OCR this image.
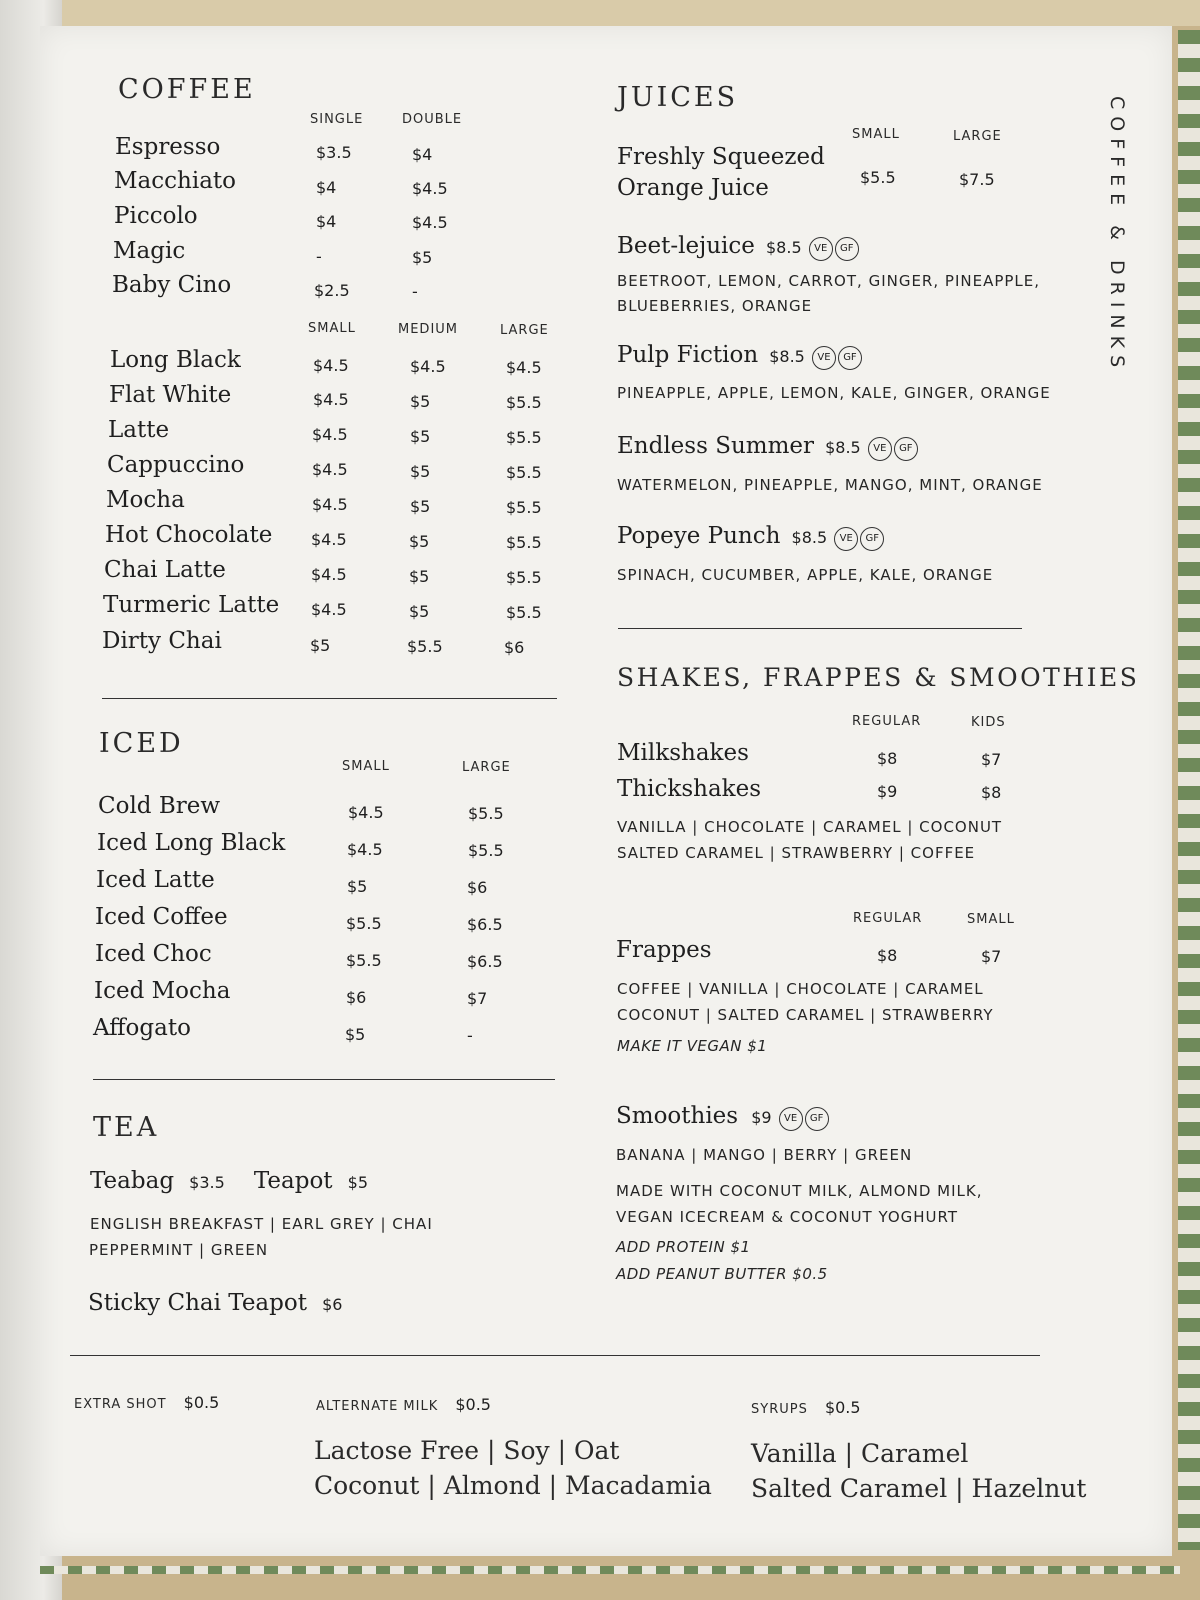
COFFEE & DRINKS
COFFEE
SINGLE	DOUBLE
Espresso	$3.5	$4
Macchiato	$4	$4.5
Piccolo	$4	$4.5
Magic	-	$5
Baby Cino	$2.5	-
SMALL	MEDIUM	LARGE
Long Black	$4.5	$4.5	$4.5
Flat White	$4.5	$5	$5.5
Latte	$4.5	$5	$5.5
Cappuccino	$4.5	$5	$5.5
Mocha	$4.5	$5	$5.5
Hot Chocolate $4.5	$5	$5.5
Chai Latte	$4.5	$5	$5.5
Turmeric Latte $4.5	$5	$5.5
Dirty Chai	$5	$5.5	$6
ICED
SMALL	LARGE
Cold Brew	$4.5	$5.5
Iced Long Black	$4.5	$5.5
Iced Latte	$5	$6
Iced Coffee	$5.5	$6.5
Iced Choc	$5.5	$6.5
Iced Mocha	$6	$7
Affogato	$5	-
TEA
Teabag $3.5 Teapot $5
ENGLISH BREAKFAST | EARL GREY | CHAI
PEPPERMINT | GREEN
Sticky Chai Teapot $6
JUICES
SMALL	LARGE
Freshly Squeezed
Orange Juice	$5.5	$7.5
Beet-lejuice $8.5 VE GF
BEETROOT, LEMON, CARROT, GINGER, PINEAPPLE,
BLUEBERRIES, ORANGE
Pulp Fiction $8.5 VE GF
PINEAPPLE, APPLE, LEMON, KALE, GINGER, ORANGE
Endless Summer $8.5 VE GF
WATERMELON, PINEAPPLE, MANGO, MINT, ORANGE
Popeye Punch $8.5 VE GF
SPINACH, CUCUMBER, APPLE, KALE, ORANGE
SHAKES, FRAPPES & SMOOTHIES
REGULAR	KIDS
Milkshakes	$8	$7
Thickshakes	$9	$8
VANILLA | CHOCOLATE | CARAMEL | COCONUT
SALTED CARAMEL | STRAWBERRY | COFFEE
REGULAR	SMALL
Frappes	$8	$7
COFFEE | VANILLA | CHOCOLATE | CARAMEL
COCONUT | SALTED CARAMEL | STRAWBERRY
MAKE IT VEGAN $1
Smoothies $9 VE GF
BANANA | MANGO | BERRY | GREEN
MADE WITH COCONUT MILK, ALMOND MILK,
VEGAN ICECREAM & COCONUT YOGHURT
ADD PROTEIN $1
ADD PEANUT BUTTER $0.5
EXTRA SHOT $0.5	ALTERNATE MILK $0.5
Lactose Free | Soy | Oat
Coconut | Almond | Macadamia
SYRUPS $0.5
Vanilla | Caramel
Salted Caramel | Hazelnut
